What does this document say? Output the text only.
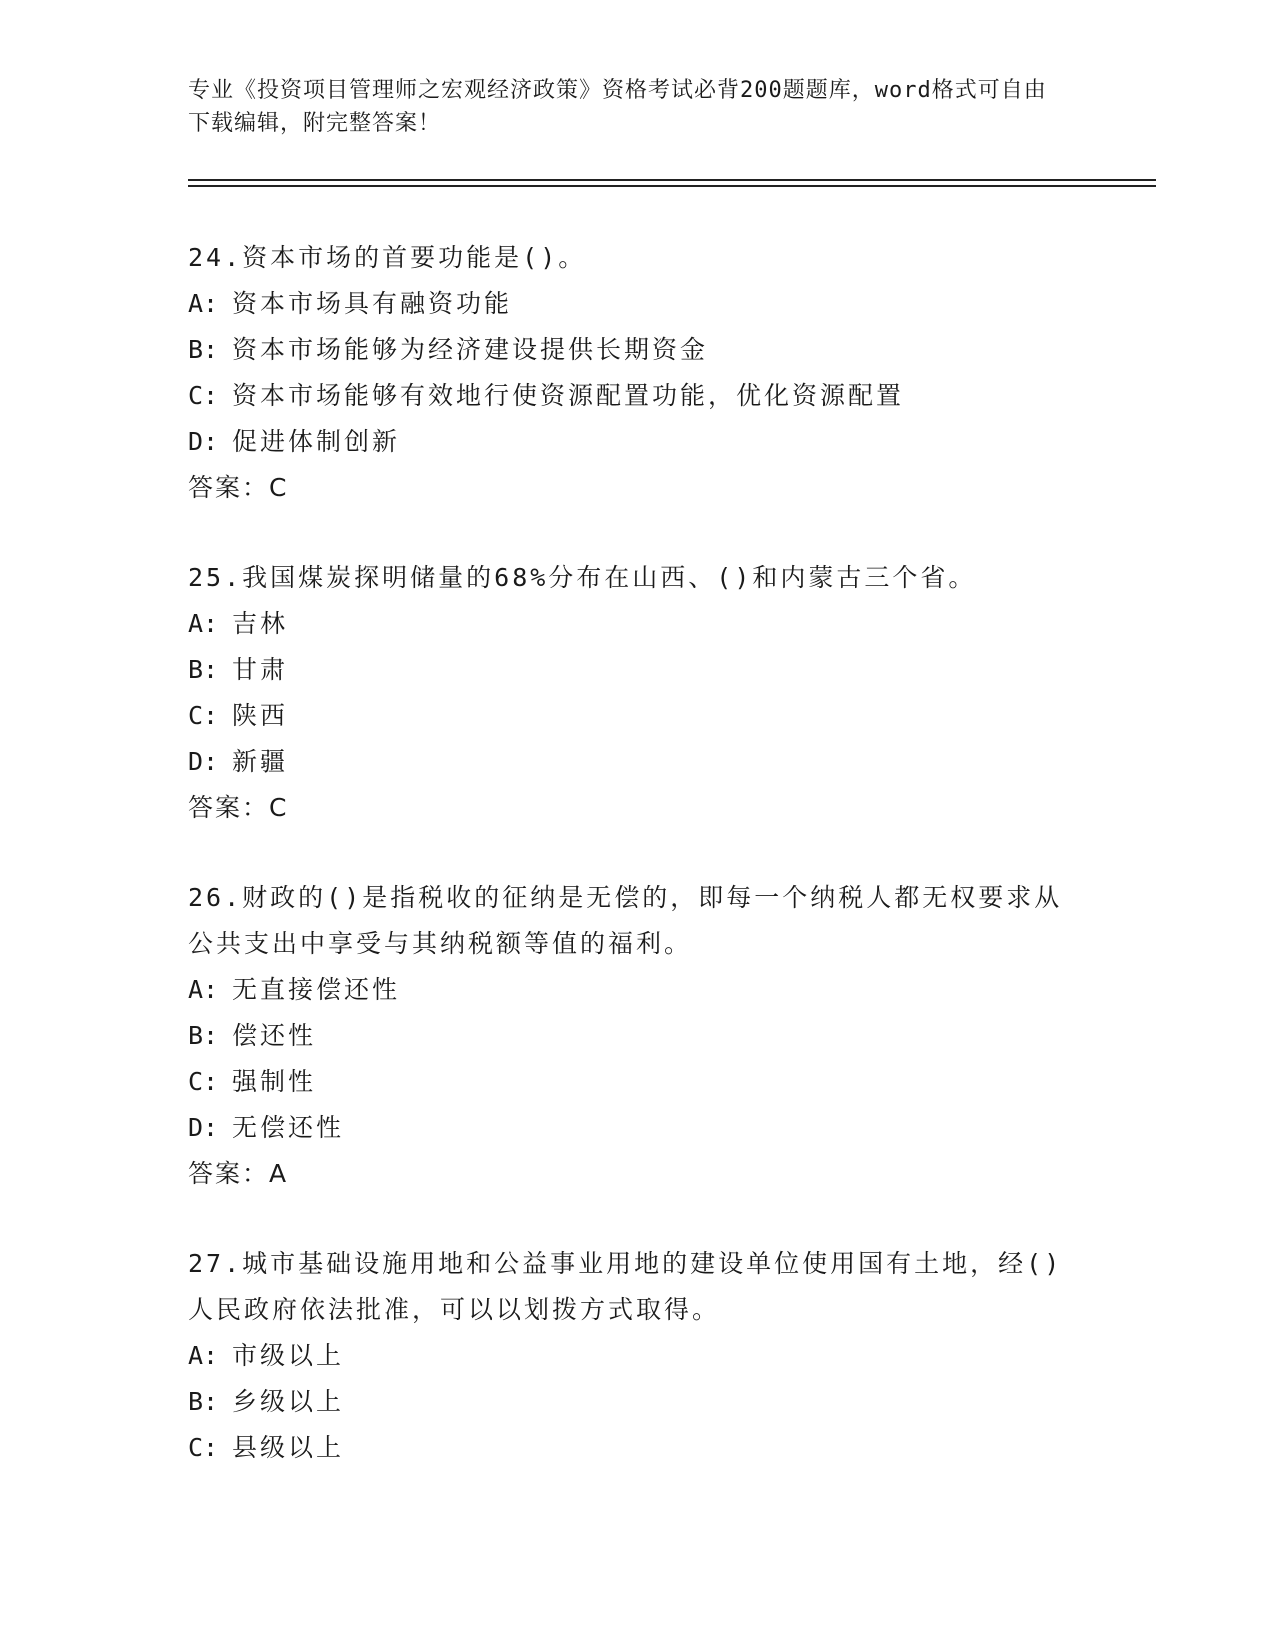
专业《投资项目管理师之宏观经济政策》资格考试必背200题题库，word格式可自由下载编辑，附完整答案！
24.资本市场的首要功能是()。
A: 资本市场具有融资功能
B: 资本市场能够为经济建设提供长期资金
C: 资本市场能够有效地行使资源配置功能，优化资源配置
D: 促进体制创新
答案：C
25.我国煤炭探明储量的68%分布在山西、()和内蒙古三个省。
A: 吉林
B: 甘肃
C: 陕西
D: 新疆
答案：C
26.财政的()是指税收的征纳是无偿的，即每一个纳税人都无权要求从公共支出中享受与其纳税额等值的福利。
A: 无直接偿还性
B: 偿还性
C: 强制性
D: 无偿还性
答案：A
27.城市基础设施用地和公益事业用地的建设单位使用国有土地，经()人民政府依法批准，可以以划拨方式取得。
A: 市级以上
B: 乡级以上
C: 县级以上
